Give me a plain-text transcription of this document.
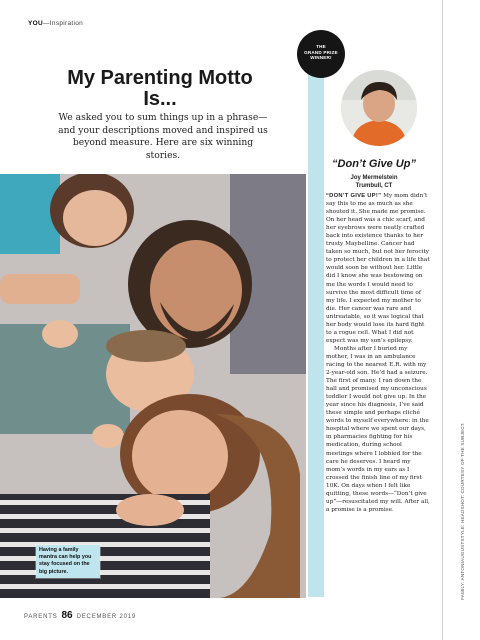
YOU—Inspiration
My Parenting Motto Is...

We asked you to sum things up in a phrase—and your descriptions moved and inspired us beyond measure. Here are six winning stories.

Having a family mantra can help you stay focused on the big picture.
THE
GRAND PRIZE
WINNER!
“Don’t Give Up”
Joy Mermelstein
Trumbull, CT

“DON’T GIVE UP!” My mom didn’t say this to me as much as she shouted it. She made me promise. On her head was a chic scarf, and her eyebrows were neatly crafted back into existence thanks to her trusty Maybelline. Cancer had taken so much, but not her ferocity to protect her children in a life that would soon be without her. Little did I know she was bestowing on me the words I would need to survive the most difficult time of my life. I expected my mother to die. Her cancer was rare and untreatable, so it was logical that her body would lose its hard fight to a rogue cell. What I did not expect was my son’s epilepsy.

Months after I buried my mother, I was in an ambulance racing to the nearest E.R. with my 2-year-old son. He’d had a seizure. The first of many. I ran down the hall and promised my unconscious toddler I would not give up. In the year since his diagnosis, I’ve said these simple and perhaps cliché words to myself everywhere: in the hospital where we spent our days, in pharmacies fighting for his medication, during school meetings where I lobbied for the care he deserves. I heard my mom’s words in my ears as I crossed the finish line of my first 10K. On days when I felt like quitting, these words—“Don’t give up”—resuscitated my will. After all, a promise is a promise.	FAMILY: ANTONIAUGUSTSTYLE: HEADSHOT: COURTESY OF THE SUBJECT.
PARENTS 86 DECEMBER 2019
